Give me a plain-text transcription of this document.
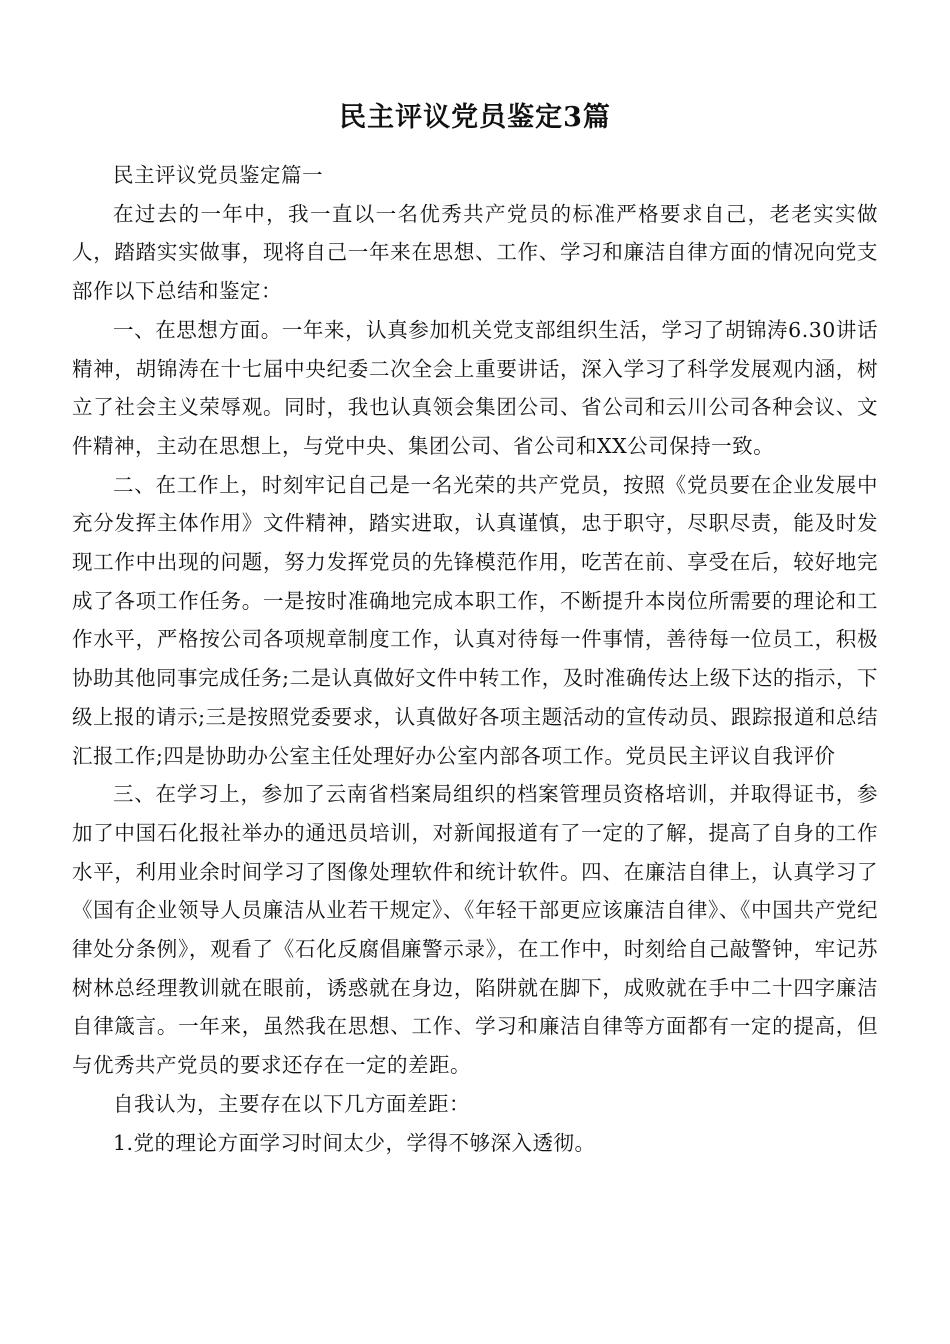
民主评议党员鉴定3篇

民主评议党员鉴定篇一

在过去的一年中，我一直以一名优秀共产党员的标准严格要求自己，老老实实做人，踏踏实实做事，现将自己一年来在思想、工作、学习和廉洁自律方面的情况向党支部作以下总结和鉴定：

一、在思想方面。一年来，认真参加机关党支部组织生活，学习了胡锦涛6.30讲话精神，胡锦涛在十七届中央纪委二次全会上重要讲话，深入学习了科学发展观内涵，树立了社会主义荣辱观。同时，我也认真领会集团公司、省公司和云川公司各种会议、文件精神，主动在思想上，与党中央、集团公司、省公司和XX公司保持一致。

二、在工作上，时刻牢记自己是一名光荣的共产党员，按照《党员要在企业发展中充分发挥主体作用》文件精神，踏实进取，认真谨慎，忠于职守，尽职尽责，能及时发现工作中出现的问题，努力发挥党员的先锋模范作用，吃苦在前、享受在后，较好地完成了各项工作任务。一是按时准确地完成本职工作，不断提升本岗位所需要的理论和工作水平，严格按公司各项规章制度工作，认真对待每一件事情，善待每一位员工，积极协助其他同事完成任务;二是认真做好文件中转工作，及时准确传达上级下达的指示，下级上报的请示;三是按照党委要求，认真做好各项主题活动的宣传动员、跟踪报道和总结汇报工作;四是协助办公室主任处理好办公室内部各项工作。党员民主评议自我评价

三、在学习上，参加了云南省档案局组织的档案管理员资格培训，并取得证书，参加了中国石化报社举办的通迅员培训，对新闻报道有了一定的了解，提高了自身的工作水平，利用业余时间学习了图像处理软件和统计软件。四、在廉洁自律上，认真学习了《国有企业领导人员廉洁从业若干规定》、《年轻干部更应该廉洁自律》、《中国共产党纪律处分条例》，观看了《石化反腐倡廉警示录》，在工作中，时刻给自己敲警钟，牢记苏树林总经理教训就在眼前，诱惑就在身边，陷阱就在脚下，成败就在手中二十四字廉洁自律箴言。一年来，虽然我在思想、工作、学习和廉洁自律等方面都有一定的提高，但与优秀共产党员的要求还存在一定的差距。

自我认为，主要存在以下几方面差距：

1.党的理论方面学习时间太少，学得不够深入透彻。
